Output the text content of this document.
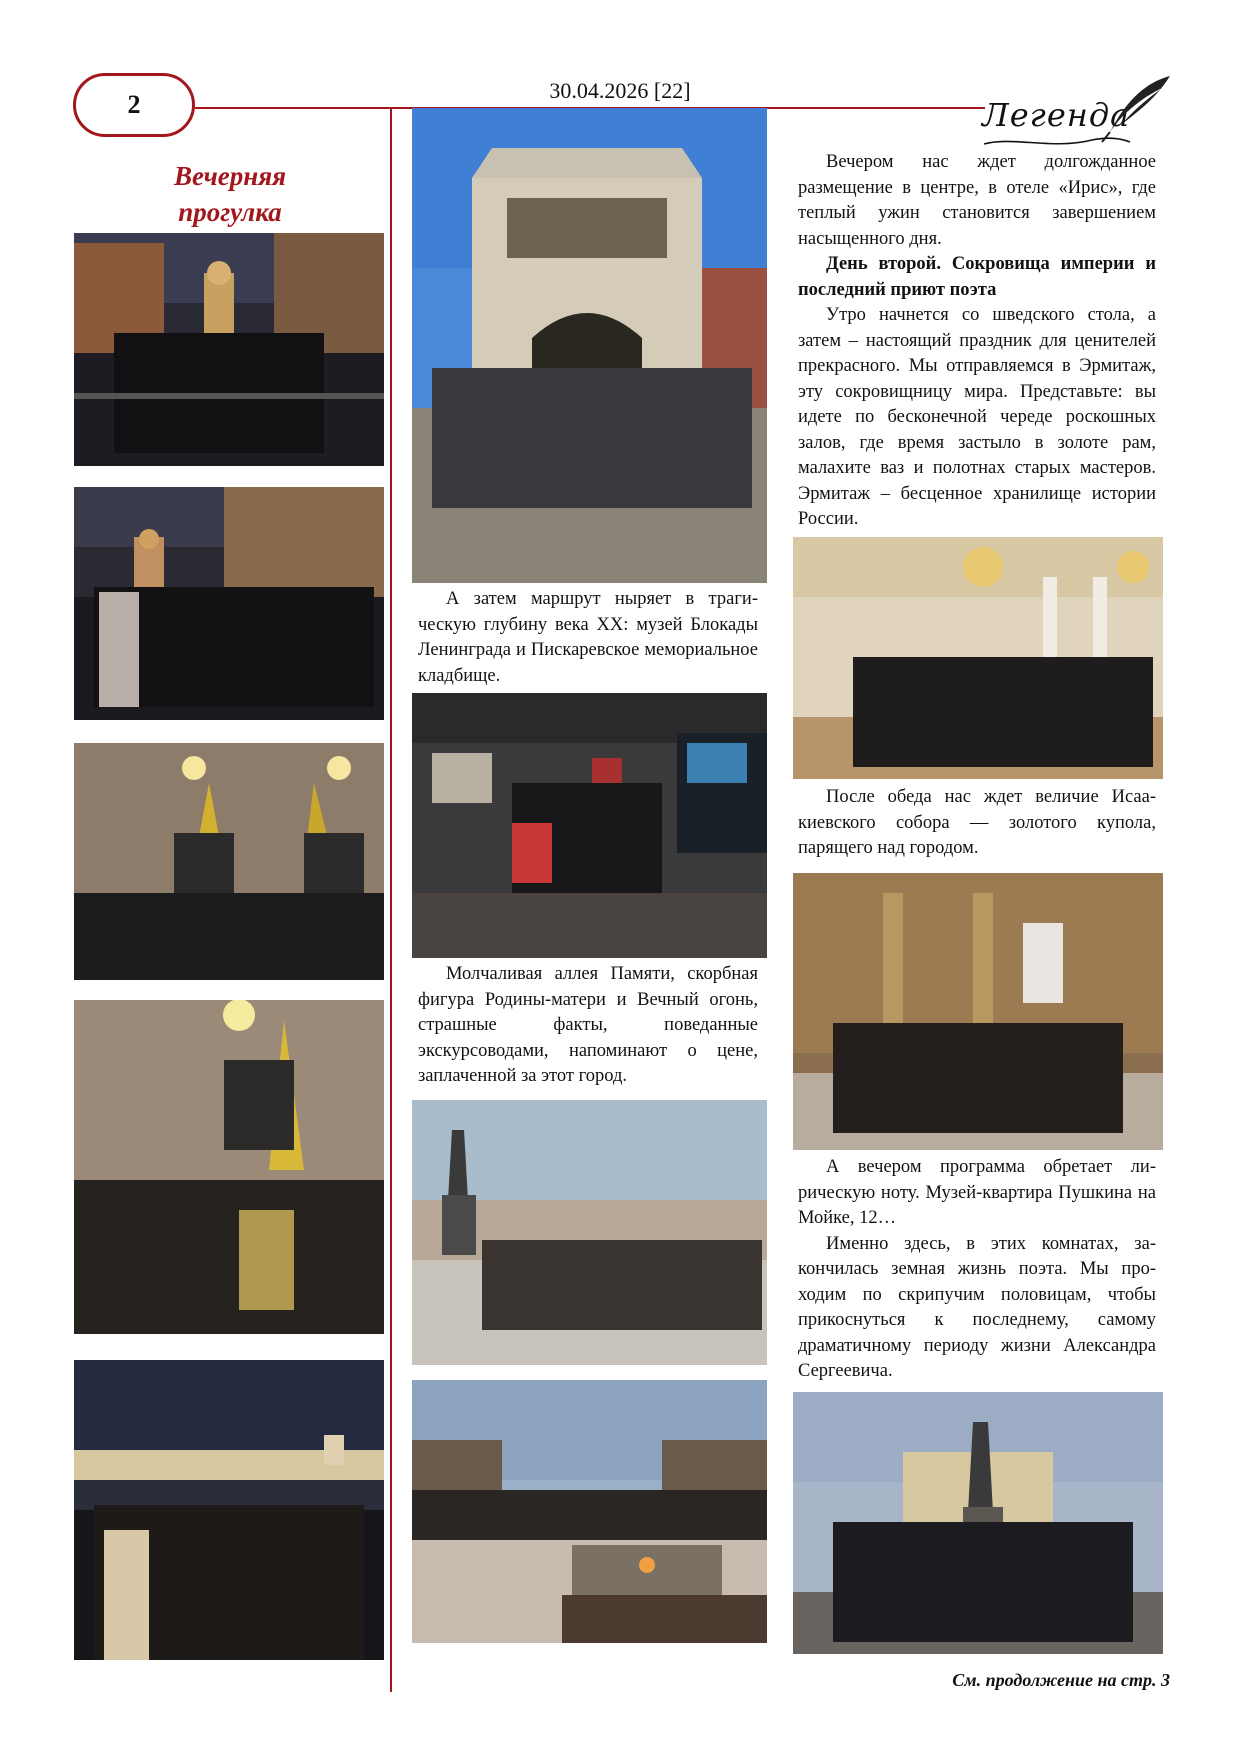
2	30.04.2026 [22]
Легенда
Вечерняя
прогулка

А затем маршрут ныряет в трагическую глубину века XX: музей Блокады Ленинграда и Пискаревское мемориальное кладбище.

Молчаливая аллея Памяти, скорбная фигура Родины-матери и Вечный огонь, страшные факты, поведанные экскурсоводами, напоминают о цене, заплаченной за этот город.

Вечером нас ждет долгожданное размещение в центре, в отеле «Ирис», где теплый ужин становится завершением насыщенного дня.

День второй. Сокровища империи и последний приют поэта

Утро начнется со шведского стола, а затем – настоящий праздник для ценителей прекрасного. Мы отправляемся в Эрмитаж, эту сокровищницу мира. Представьте: вы идете по бесконечной череде роскошных залов, где время застыло в золоте рам, малахите ваз и полотнах старых мастеров. Эрмитаж – бесценное хранилище истории России.

После обеда нас ждет величие Исаакиевского собора — золотого купола, парящего над городом.

А вечером программа обретает лирическую ноту. Музей-квартира Пушкина на Мойке, 12…

Именно здесь, в этих комнатах, закончилась земная жизнь поэта. Мы проходим по скрипучим половицам, чтобы прикоснуться к последнему, самому драматичному периоду жизни Александра Сергеевича.

См. продолжение на стр. 3
